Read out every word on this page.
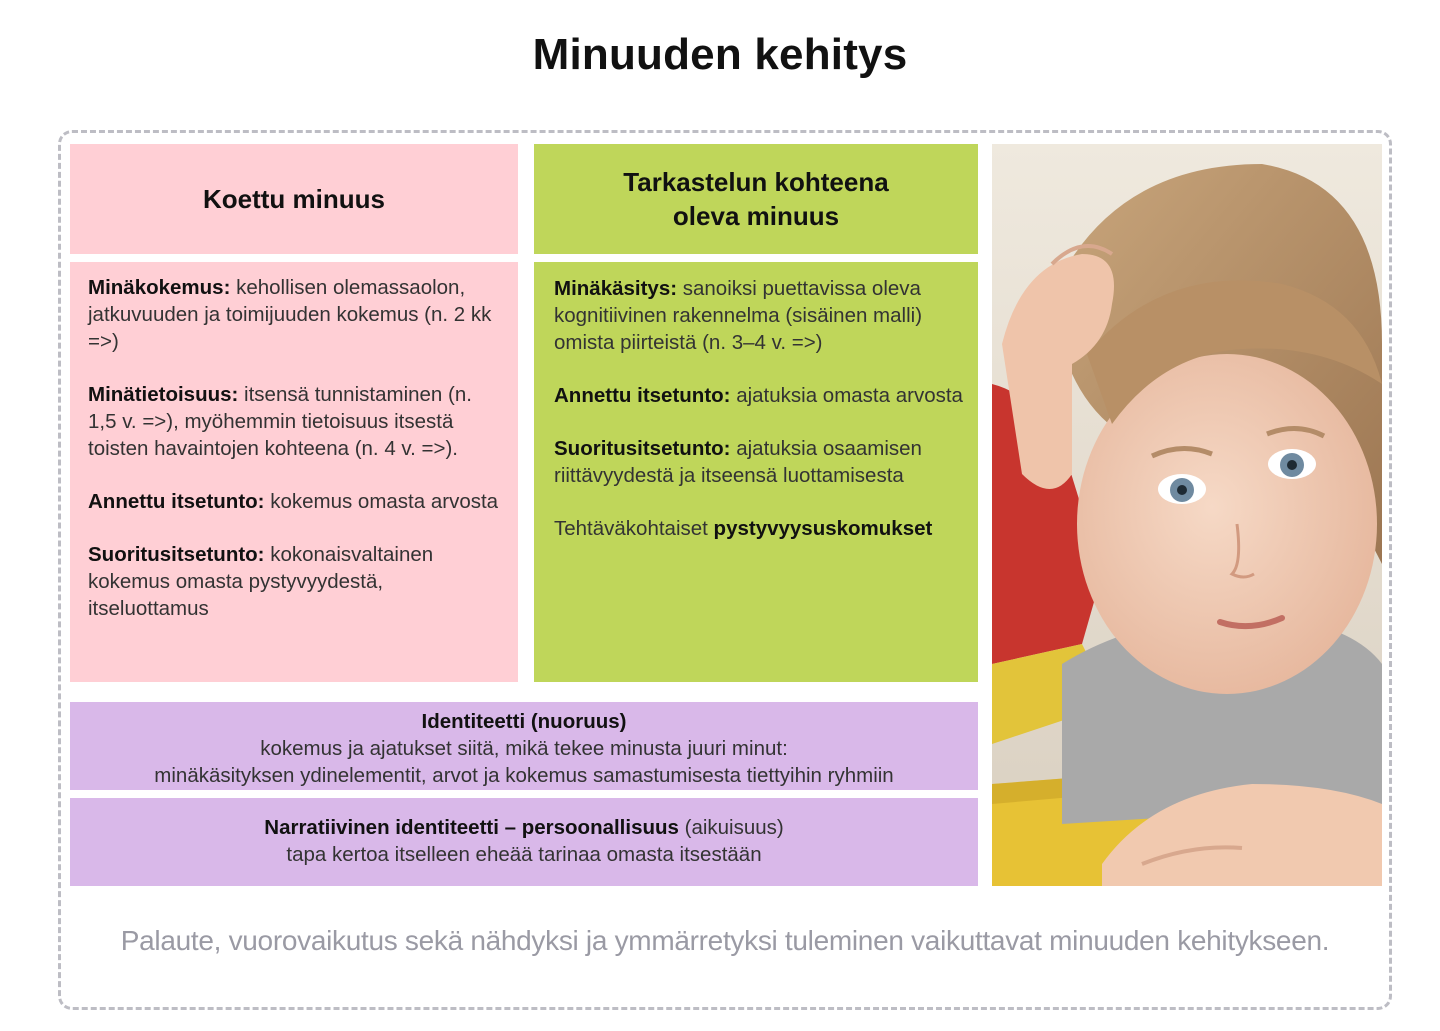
Minuuden kehitys
Koettu minuus

Minäkokemus: kehollisen olemassaolon, jatkuvuuden ja toimijuuden kokemus (n. 2 kk =>)

Minätietoisuus: itsensä tunnistaminen (n. 1,5 v. =>), myöhemmin tietoisuus itsestä toisten havaintojen kohteena (n. 4 v. =>).

Annettu itsetunto: kokemus omasta arvosta

Suoritusitsetunto: kokonaisvaltainen kokemus omasta pystyvyydestä, itseluottamus

Tarkastelun kohteena
oleva minuus

Minäkäsitys: sanoiksi puettavissa oleva kognitiivinen rakennelma (sisäinen malli) omista piirteistä (n. 3–4 v. =>)

Annettu itsetunto: ajatuksia omasta arvosta

Suoritusitsetunto: ajatuksia osaamisen riittävyydestä ja itseensä luottamisesta

Tehtäväkohtaiset pystyvyysuskomukset

Identiteetti (nuoruus)
kokemus ja ajatukset siitä, mikä tekee minusta juuri minut:
minäkäsityksen ydinelementit, arvot ja kokemus samastumisesta tiettyihin ryhmiin
Narratiivinen identiteetti – persoonallisuus (aikuisuus)
tapa kertoa itselleen eheää tarinaa omasta itsestään
Palaute, vuorovaikutus sekä nähdyksi ja ymmärretyksi tuleminen vaikuttavat minuuden kehitykseen.
